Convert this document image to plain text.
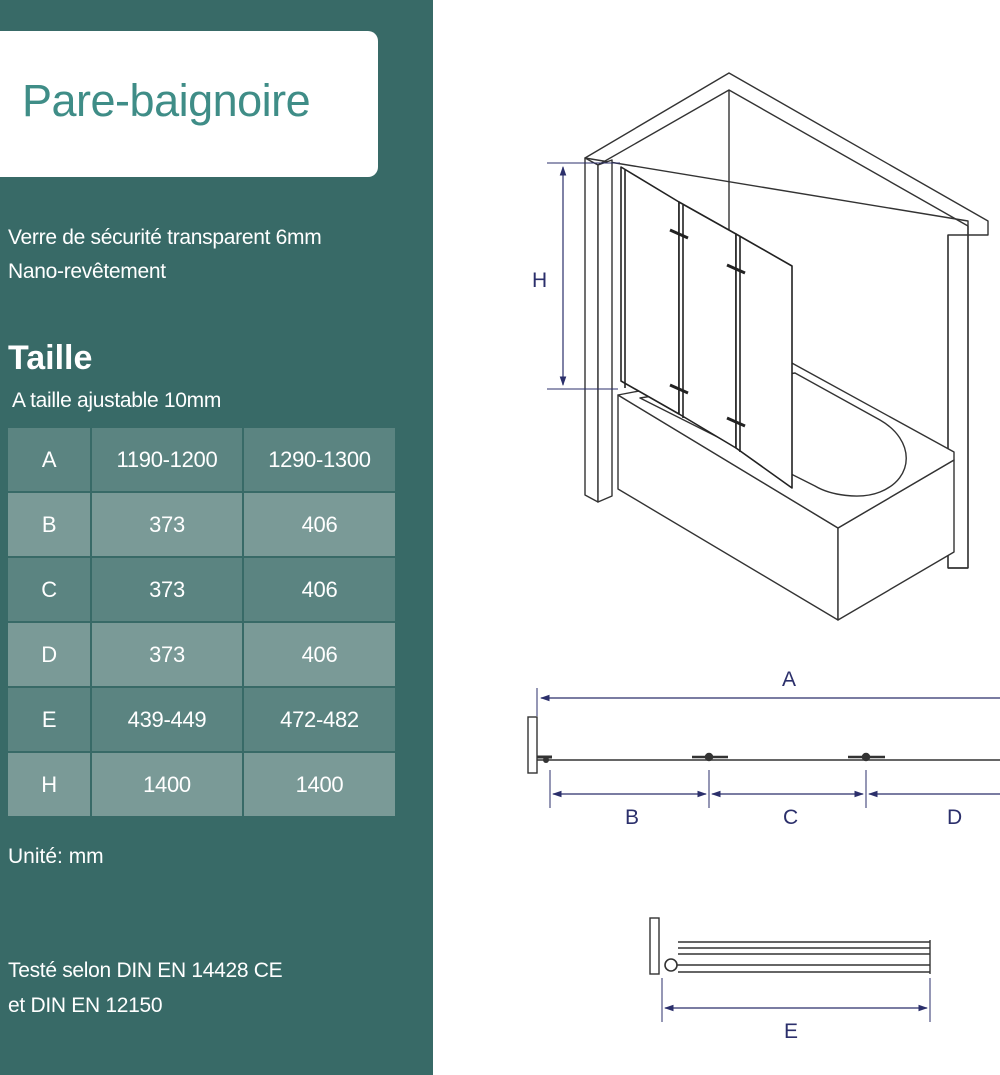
Pare-baignoire
Verre de sécurité transparent 6mm
Nano-revêtement
Taille
A taille ajustable 10mm
A	1190-1200	1290-1300
B	373	406
C	373	406
D	373	406
E	439-449	472-482
H	1400	1400
Unité: mm
Testé selon DIN EN 14428 CE
et DIN EN 12150
H
A
B	C	D
E
